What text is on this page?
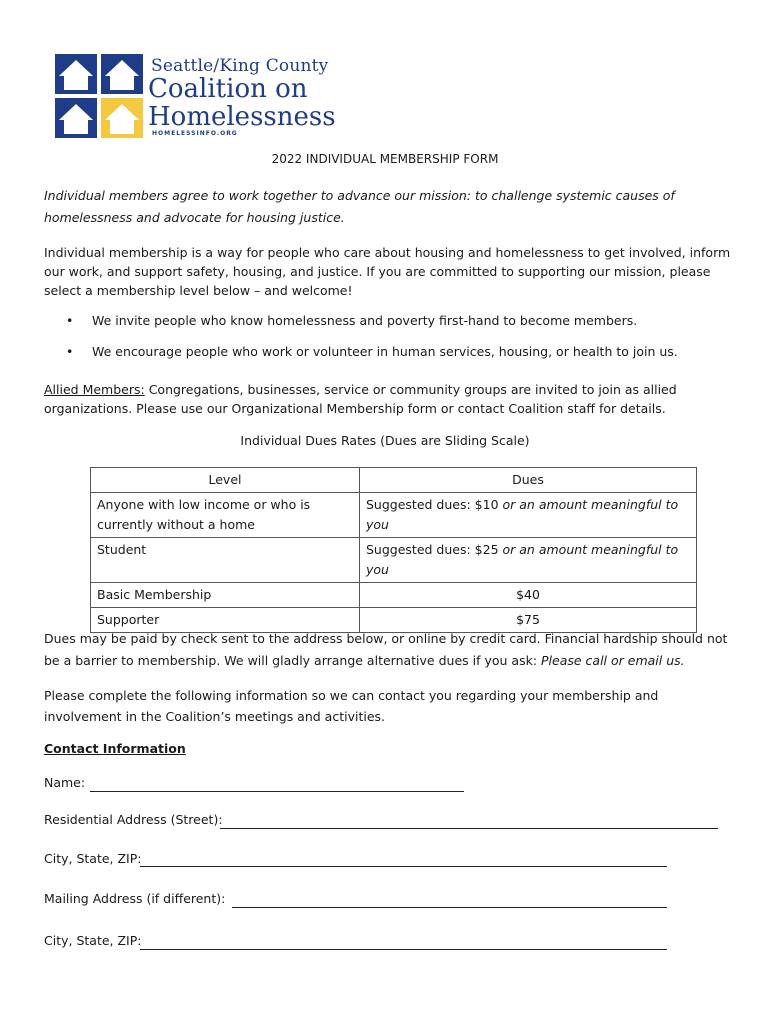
Seattle/King County
Coalition on
Homelessness
HOMELESSINFO.ORG
2022 INDIVIDUAL MEMBERSHIP FORM
Individual members agree to work together to advance our mission: to challenge systemic causes of
homelessness and advocate for housing justice.
Individual membership is a way for people who care about housing and homelessness to get involved, inform
our work, and support safety, housing, and justice. If you are committed to supporting our mission, please
select a membership level below – and welcome!
• We invite people who know homelessness and poverty first-hand to become members.
• We encourage people who work or volunteer in human services, housing, or health to join us.
Allied Members: Congregations, businesses, service or community groups are invited to join as allied
organizations. Please use our Organizational Membership form or contact Coalition staff for details.
Individual Dues Rates (Dues are Sliding Scale)
Level	Dues
Anyone with low income or who is currently without a home	Suggested dues: $10 or an amount meaningful to you
Student	Suggested dues: $25 or an amount meaningful to you
Basic Membership	$40
Supporter	$75
Dues may be paid by check sent to the address below, or online by credit card. Financial hardship should not
be a barrier to membership. We will gladly arrange alternative dues if you ask: Please call or email us.
Please complete the following information so we can contact you regarding your membership and
involvement in the Coalition’s meetings and activities.
Contact Information
Name:
Residential Address (Street):
City, State, ZIP:
Mailing Address (if different):
City, State, ZIP:
